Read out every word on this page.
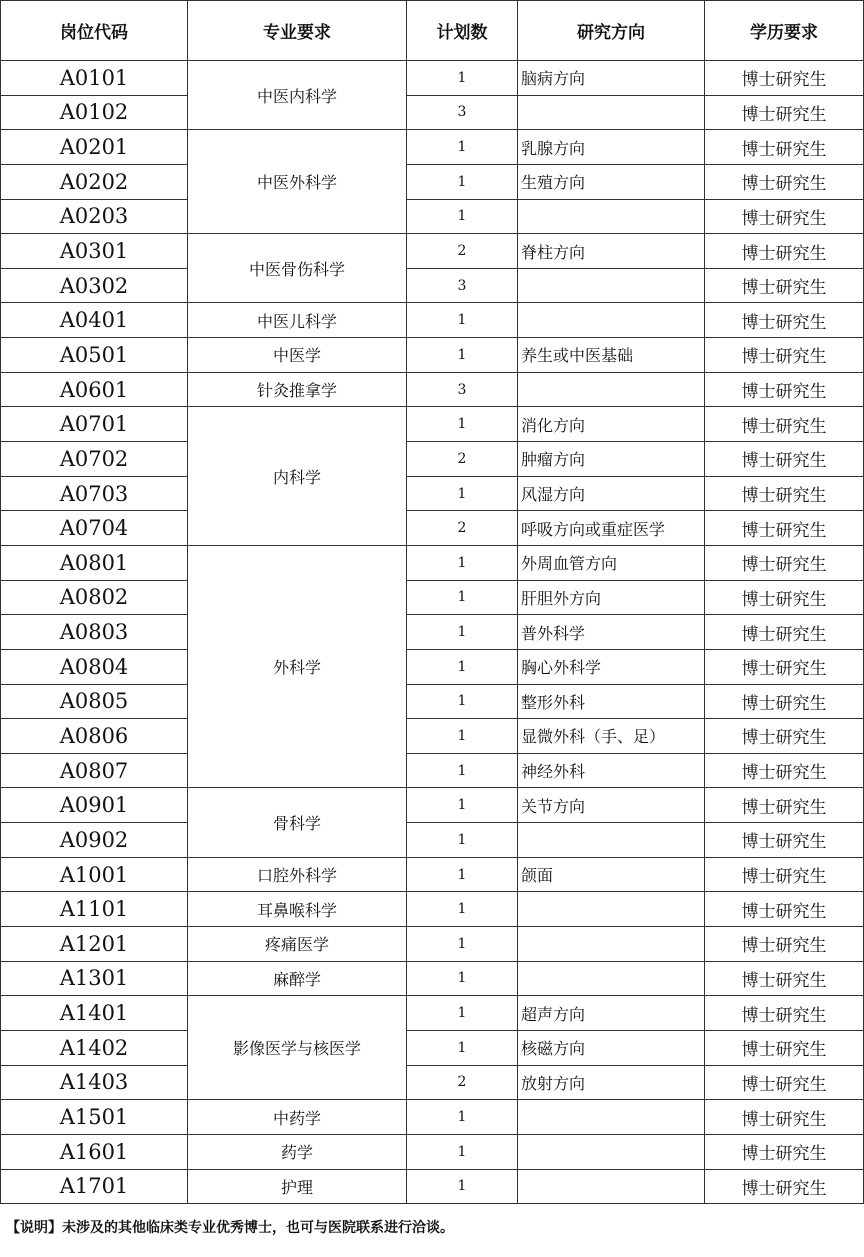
岗位代码	专业要求	计划数	研究方向	学历要求
A0101	中医内科学	1	脑病方向	博士研究生
A0102		3		博士研究生
A0201	中医外科学	1	乳腺方向	博士研究生
A0202		1	生殖方向	博士研究生
A0203		1		博士研究生
A0301	中医骨伤科学	2	脊柱方向	博士研究生
A0302		3		博士研究生
A0401	中医儿科学	1		博士研究生
A0501	中医学	1	养生或中医基础	博士研究生
A0601	针灸推拿学	3		博士研究生
A0701	内科学	1	消化方向	博士研究生
A0702		2	肿瘤方向	博士研究生
A0703		1	风湿方向	博士研究生
A0704		2	呼吸方向或重症医学	博士研究生
A0801	外科学	1	外周血管方向	博士研究生
A0802		1	肝胆外方向	博士研究生
A0803		1	普外科学	博士研究生
A0804		1	胸心外科学	博士研究生
A0805		1	整形外科	博士研究生
A0806		1	显微外科（手、足）	博士研究生
A0807		1	神经外科	博士研究生
A0901	骨科学	1	关节方向	博士研究生
A0902		1		博士研究生
A1001	口腔外科学	1	颌面	博士研究生
A1101	耳鼻喉科学	1		博士研究生
A1201	疼痛医学	1		博士研究生
A1301	麻醉学	1		博士研究生
A1401	影像医学与核医学	1	超声方向	博士研究生
A1402		1	核磁方向	博士研究生
A1403		2	放射方向	博士研究生
A1501	中药学	1		博士研究生
A1601	药学	1		博士研究生
A1701	护理	1		博士研究生
【说明】未涉及的其他临床类专业优秀博士，也可与医院联系进行洽谈。
